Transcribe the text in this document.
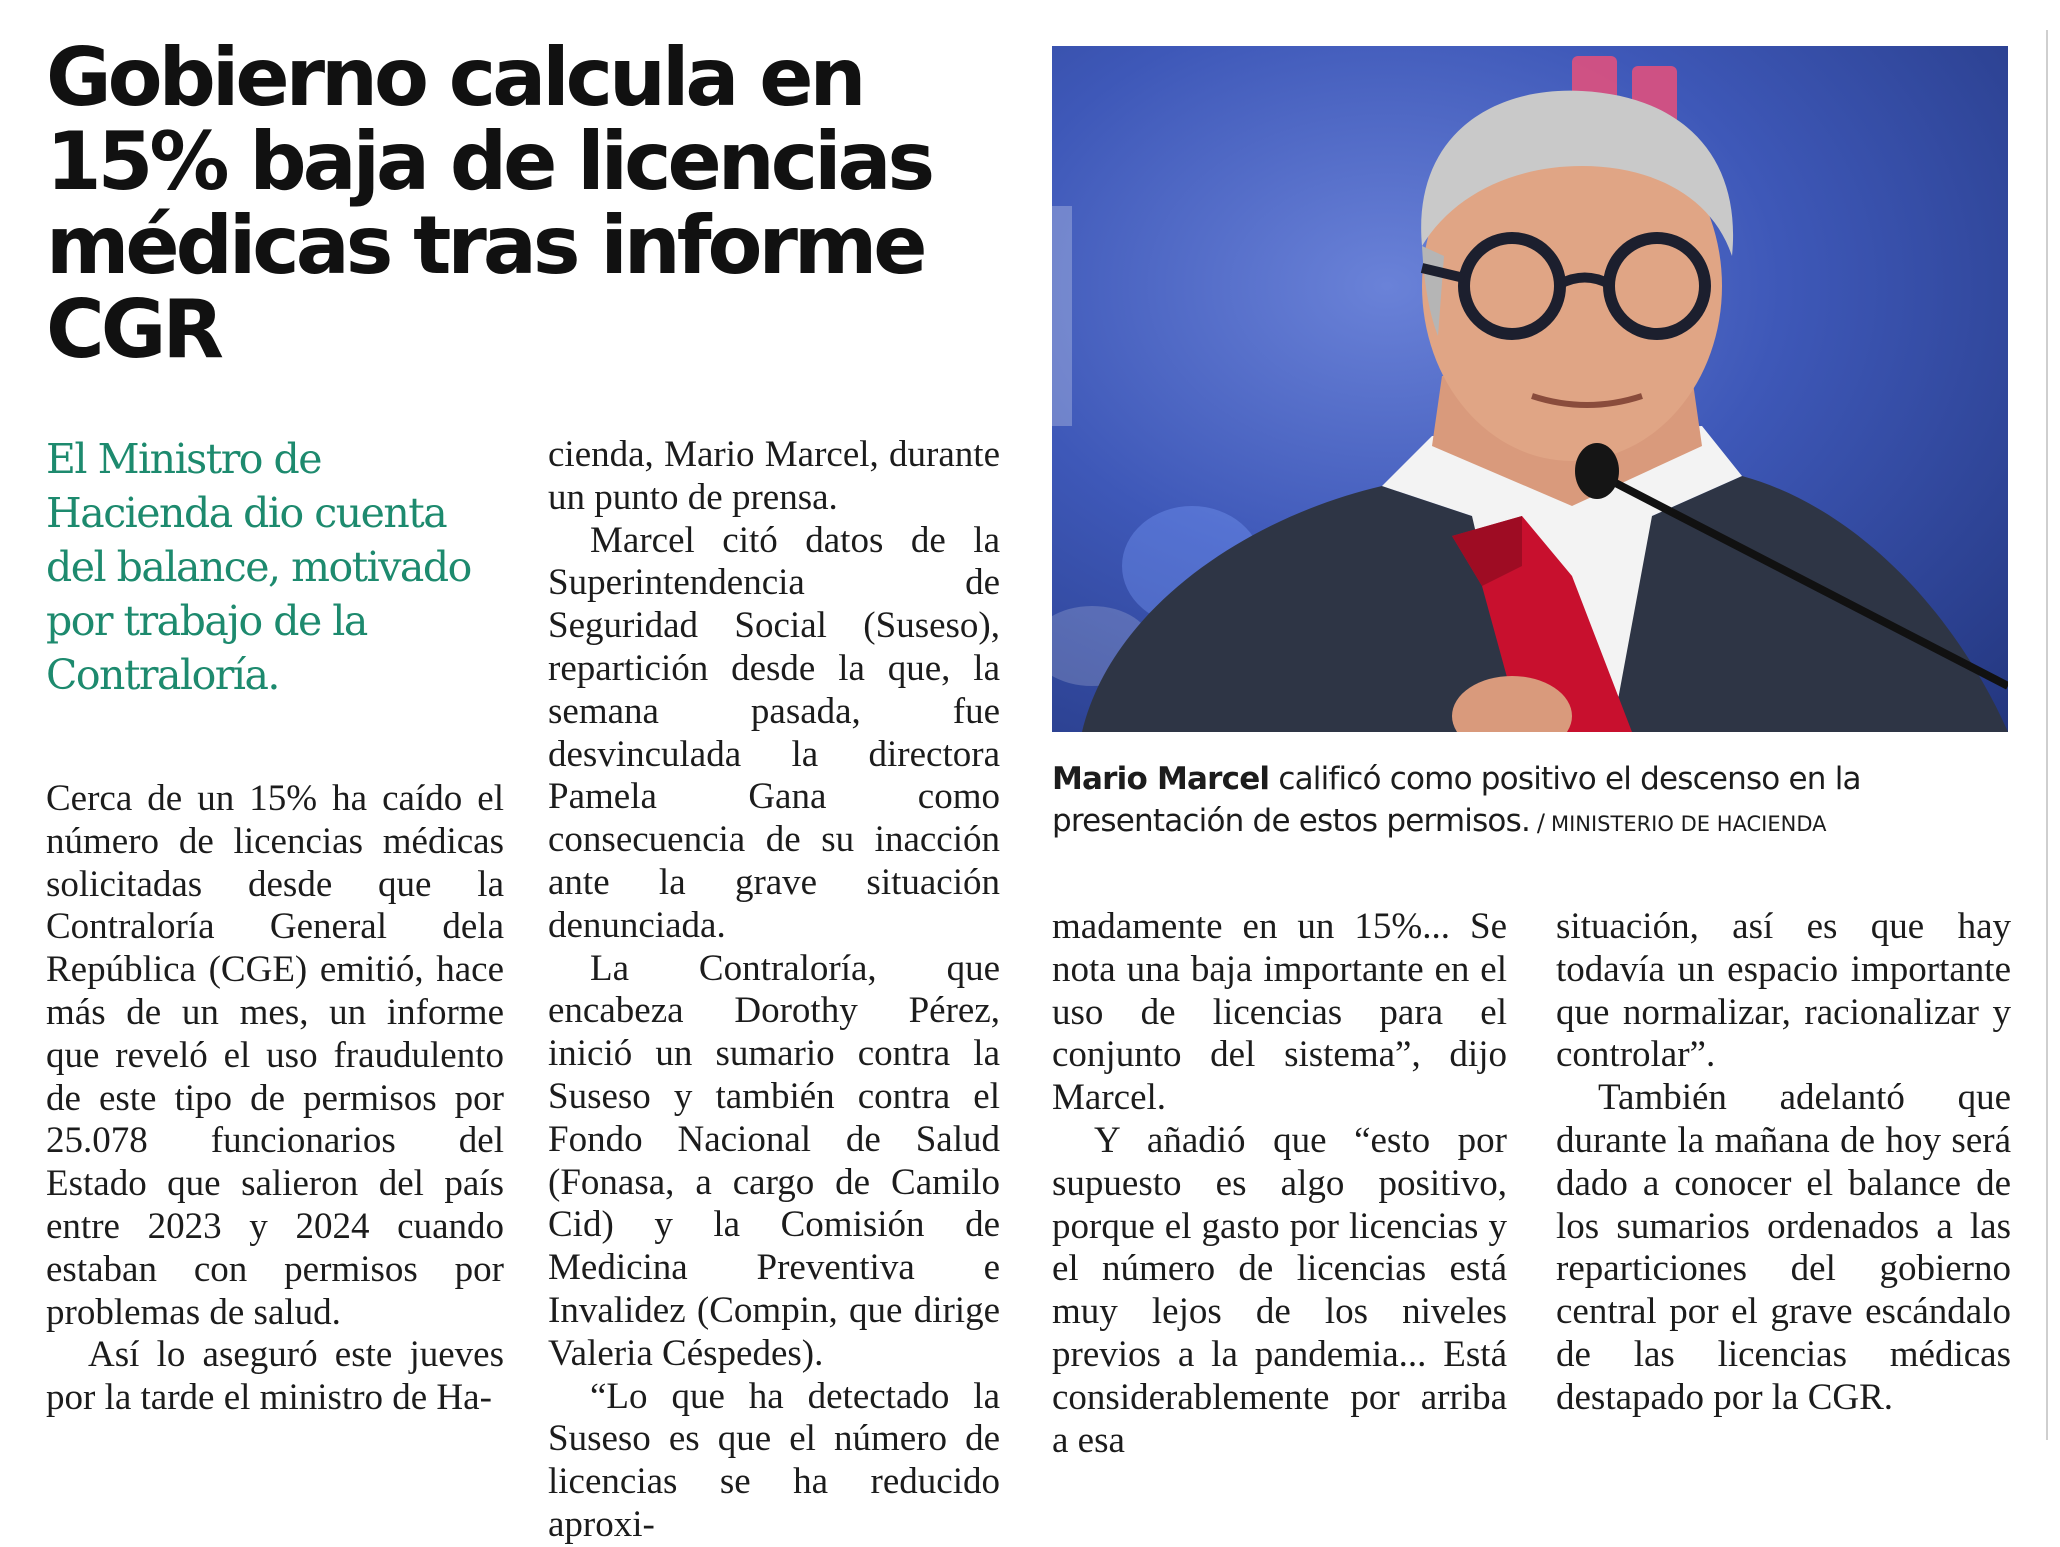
Gobierno calcula en 15% baja de licencias médicas tras informe CGR

El Ministro de Hacienda dio cuenta del balance, motivado por trabajo de la Contraloría.

Cerca de un 15% ha caído el número de licencias médicas solicitadas desde que la Contraloría General dela República (CGE) emitió, hace más de un mes, un informe que reveló el uso fraudulento de este tipo de permisos por 25.078 funcionarios del Estado que salieron del país entre 2023 y 2024 cuando estaban con permisos por problemas de salud.

Así lo aseguró este jueves por la tarde el ministro de Ha-

cienda, Mario Marcel, durante un punto de prensa.

Marcel citó datos de la Superintendencia de Seguridad Social (Suseso), repartición desde la que, la semana pasada, fue desvinculada la directora Pamela Gana como consecuencia de su inacción ante la grave situación denunciada.

La Contraloría, que encabeza Dorothy Pérez, inició un sumario contra la Suseso y también contra el Fondo Nacional de Salud (Fonasa, a cargo de Camilo Cid) y la Comisión de Medicina Preventiva e Invalidez (Compin, que dirige Valeria Céspedes).

“Lo que ha detectado la Suseso es que el número de licencias se ha reducido aproxi-

Mario Marcel calificó como positivo el descenso en la presentación de estos permisos. / MINISTERIO DE HACIENDA

madamente en un 15%... Se nota una baja importante en el uso de licencias para el conjunto del sistema”, dijo Marcel.

Y añadió que “esto por supuesto es algo positivo, porque el gasto por licencias y el número de licencias está muy lejos de los niveles previos a la pandemia... Está considerablemente por arriba a esa

situación, así es que hay todavía un espacio importante que normalizar, racionalizar y controlar”.

También adelantó que durante la mañana de hoy será dado a conocer el balance de los sumarios ordenados a las reparticiones del gobierno central por el grave escándalo de las licencias médicas destapado por la CGR.
